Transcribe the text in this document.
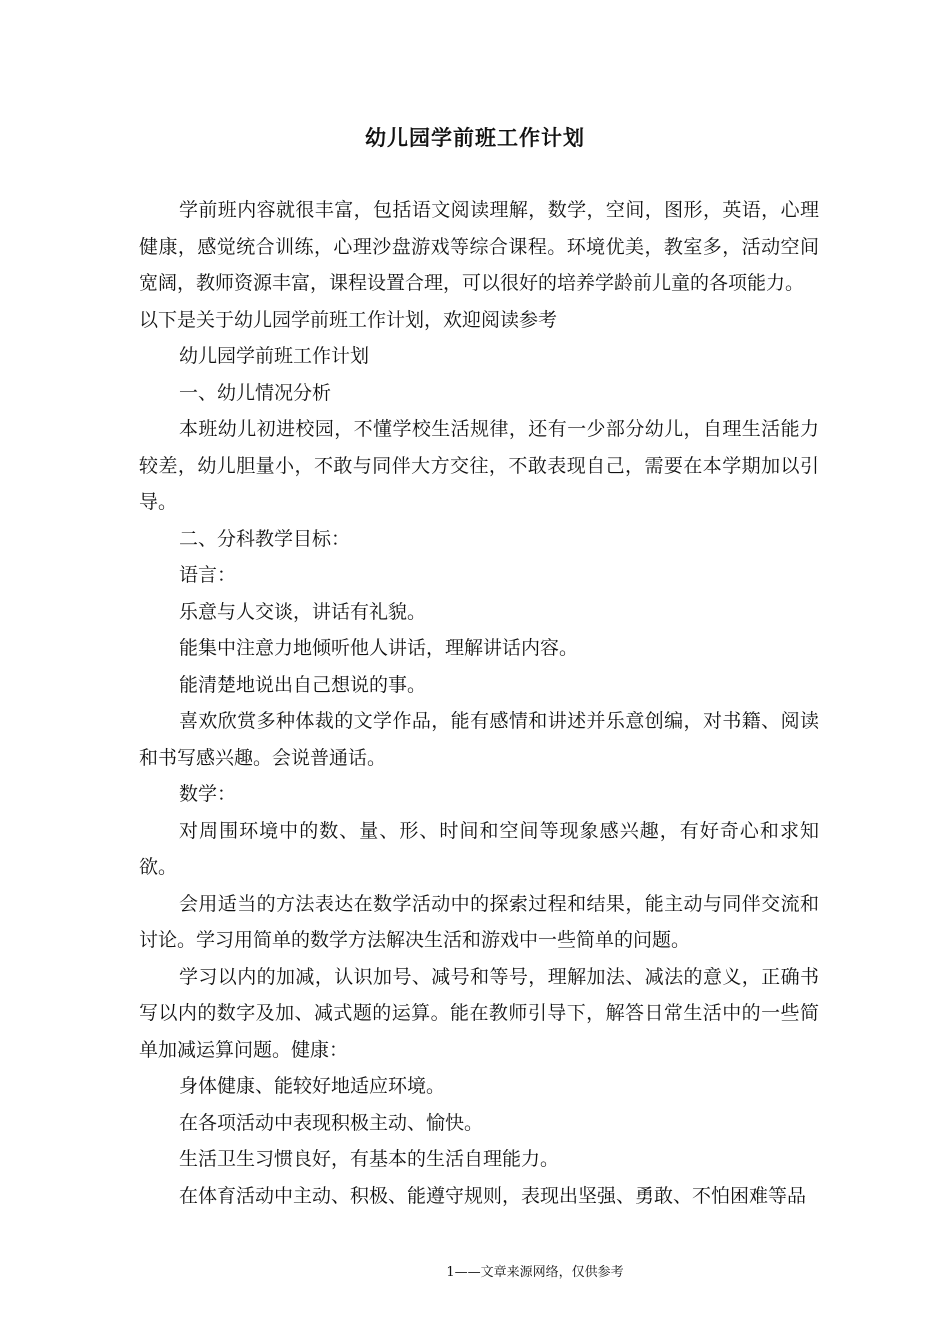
幼儿园学前班工作计划

学前班内容就很丰富，包括语文阅读理解，数学，空间，图形，英语，心理健康，感觉统合训练，心理沙盘游戏等综合课程。环境优美，教室多，活动空间宽阔，教师资源丰富，课程设置合理，可以很好的培养学龄前儿童的各项能力。

以下是关于幼儿园学前班工作计划，欢迎阅读参考

幼儿园学前班工作计划

一、幼儿情况分析

本班幼儿初进校园，不懂学校生活规律，还有一少部分幼儿，自理生活能力较差，幼儿胆量小，不敢与同伴大方交往，不敢表现自己，需要在本学期加以引导。

二、分科教学目标：

语言：

乐意与人交谈，讲话有礼貌。

能集中注意力地倾听他人讲话，理解讲话内容。

能清楚地说出自己想说的事。

喜欢欣赏多种体裁的文学作品，能有感情和讲述并乐意创编，对书籍、阅读和书写感兴趣。会说普通话。

数学：

对周围环境中的数、量、形、时间和空间等现象感兴趣，有好奇心和求知欲。

会用适当的方法表达在数学活动中的探索过程和结果，能主动与同伴交流和讨论。学习用简单的数学方法解决生活和游戏中一些简单的问题。

学习以内的加减，认识加号、减号和等号，理解加法、减法的意义，正确书写以内的数字及加、减式题的运算。能在教师引导下，解答日常生活中的一些简单加减运算问题。健康：

身体健康、能较好地适应环境。

在各项活动中表现积极主动、愉快。

生活卫生习惯良好，有基本的生活自理能力。

在体育活动中主动、积极、能遵守规则，表现出坚强、勇敢、不怕困难等品

1——文章来源网络，仅供参考
